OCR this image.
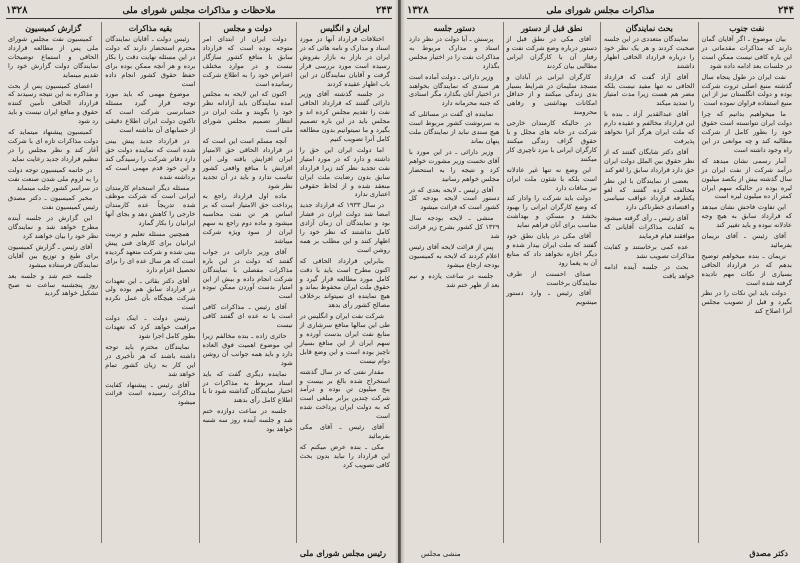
۲۴۳
ملاحظات و مذاکرات مجلس شورای ملی
۱۳۲۸
ایران و انگلیس

اختلافات قرارداد آنها در مورد اسناد و مدارک و نامه هائی که در ایران در بازار به بازار بفروش رسیده است مورد بررسی قرار گرفت و آقایان نمایندگان در این باب اظهار عقیده کردند

در جلسه گذشته آقای وزیر دارائی گفتند که قرارداد الحاقی نفت را تقدیم مجلس کرده اند و مجلس باید در این باره تصمیم بگیرد و ما نمیتوانیم بدون مطالعه کامل آنرا تصویب کنیم

اما دولت ایران این حق را داشته و دارد که در مورد امتیاز نفت تجدید نظر کند زیرا قرارداد سابق بدون رضایت ملت ایران منعقد شده و از لحاظ حقوقی اعتباری ندارد

در سال ۱۹۳۳ که قرارداد جدید امضا شد دولت ایران در فشار بود و نمایندگان آن زمان آزادی کامل نداشتند که نظر خود را اظهار کنند و این مطلب بر همه روشن است

بنابراین قرارداد الحاقی که اکنون مطرح است باید با دقت کامل مورد مطالعه قرار گیرد و حقوق ملت ایران محفوظ بماند و هیچ نماینده ای نمیتواند برخلاف مصالح کشور رأی بدهد

شرکت نفت ایران و انگلیس در طی این سالها منافع سرشاری از منابع نفت ایران بدست آورده و سهم ایران از این منافع بسیار ناچیز بوده است و این وضع قابل دوام نیست

مقدار نفتی که در سال گذشته استخراج شده بالغ بر بیست و پنج میلیون تن بوده و درآمد شرکت چندین برابر مبلغی است که به دولت ایران پرداخت شده است

آقای رئیس ـ آقای مکی بفرمائید

مکی ـ بنده عرض میکنم که این قرارداد را نباید بدون بحث کافی تصویب کرد

دولت و مجلس

دولت ایران از ابتدای امر متوجه بوده است که قرارداد سابق با منافع کشور سازگار نیست و در موارد مختلف اعتراض خود را به اطلاع شرکت رسانیده است

اکنون که این لایحه به مجلس آمده نمایندگان باید آزادانه نظر خود را بگویند و ملت ایران در انتظار تصمیم مجلس شورای ملی است

آنچه مسلم است این است که در قرارداد الحاقی حق الامتیاز ایران افزایش یافته ولی این افزایش با منافع واقعی کشور تناسب ندارد و باید در آن تجدید نظر شود

ماده اول قرارداد راجع به پرداخت حق الامتیاز است که بر اساس هر تن نفت محاسبه میشود و ماده دوم راجع به سهم ایران از سود ویژه شرکت میباشد

آقای وزیر دارائی در جواب گفتند که دولت در این باره مذاکرات مفصلی با نمایندگان شرکت انجام داده و بیش از این امتیاز بدست آوردن ممکن نبوده است

آقای رئیس ـ مذاکرات کافی است یا نه عده ای گفتند کافی نیست

حائری زاده ـ بنده مخالفم زیرا این موضوع اهمیت فوق العاده دارد و باید همه جوانب آن روشن شود

نماینده دیگری گفت که باید اسناد مربوط به مذاکرات در اختیار نمایندگان گذاشته شود تا با اطلاع کامل رأی بدهند

جلسه در ساعت دوازده ختم شد و جلسه آینده روز سه شنبه خواهد بود

بقیه مذاکرات

رئیس دولت ـ آقایان نمایندگان محترم استحضار دارند که دولت در این مسئله نهایت دقت را بکار برده و هر آنچه ممکن بوده برای حفظ حقوق کشور انجام داده است

موضوع مهمی که باید مورد توجه قرار گیرد مسئله حسابرسی شرکت است که تاکنون دولت ایران اطلاع دقیقی از حسابهای آن نداشته است

در قرارداد جدید پیش بینی شده است که نماینده دولت حق دارد دفاتر شرکت را رسیدگی کند و این خود قدم مهمی است که برداشته شده

مسئله دیگر استخدام کارمندان ایرانی است که شرکت موظف شده تدریجاً عده کارمندان خارجی را کاهش دهد و بجای آنها ایرانیان را بکار گمارد

همچنین مسئله تعلیم و تربیت ایرانیان برای کارهای فنی پیش بینی شده و شرکت متعهد گردیده است که هر سال عده ای را برای تحصیل اعزام دارد

آقای دکتر بقائی ـ این تعهدات در قرارداد سابق هم بوده ولی شرکت هیچگاه بآن عمل نکرده است

رئیس دولت ـ اینک دولت مراقبت خواهد کرد که تعهدات بطور کامل اجرا شود

نمایندگان محترم باید توجه داشته باشند که هر تأخیری در این کار به زیان کشور تمام خواهد شد

آقای رئیس ـ پیشنهاد کفایت مذاکرات رسیده است قرائت میشود

گزارش کمیسیون

کمیسیون نفت مجلس شورای ملی پس از مطالعه قرارداد الحاقی و استماع توضیحات نمایندگان دولت گزارش خود را تقدیم مینماید

اعضای کمیسیون پس از بحث و مذاکره به این نتیجه رسیدند که قرارداد الحاقی تأمین کننده حقوق و منافع ایران نیست و باید رد شود

کمیسیون پیشنهاد مینماید که دولت مذاکرات تازه ای با شرکت آغاز کند و نظر مجلس را در تنظیم قرارداد جدید رعایت نماید

در خاتمه کمیسیون توجه دولت را به لزوم ملی شدن صنعت نفت در سراسر کشور جلب مینماید

مخبر کمیسیون ـ دکتر مصدق رئیس کمیسیون نفت

این گزارش در جلسه آینده مطرح خواهد شد و نمایندگان نظر خود را بیان خواهند کرد

آقای رئیس ـ گزارش کمیسیون برای طبع و توزیع بین آقایان نمایندگان فرستاده میشود

جلسه ختم شد و جلسه بعد روز پنجشنبه ساعت نه صبح تشکیل خواهد گردید

رئیس مجلس شورای ملی
۲۴۴
مذاکرات مجلس شورای ملی
۱۳۲۸
نفت جنوب

بیان موضوع ـ اگر آقایان گمان دارند که مذاکرات مقدماتی در این باره کافی نیست ممکن است در جلسات بعد ادامه داده شود

نفت ایران در طول پنجاه سال گذشته منبع اصلی ثروت شرکت بوده و دولت انگلستان نیز از این منبع استفاده فراوان نموده است

ما میخواهیم بدانیم که چرا دولت ایران نتوانسته است حقوق خود را بطور کامل از شرکت مطالبه کند و چه موانعی در این راه وجود داشته است

آمار رسمی نشان میدهد که درآمد شرکت از نفت ایران در سال گذشته بیش از یکصد میلیون لیره بوده در حالیکه سهم ایران کمتر از ده میلیون لیره است

این تفاوت فاحش نشان میدهد که قرارداد سابق به هیچ وجه عادلانه نبوده و باید تغییر کند

آقای رئیس ـ آقای نریمان بفرمائید

نریمان ـ بنده میخواهم توضیح بدهم که در قرارداد الحاقی بسیاری از نکات مهم نادیده گرفته شده است

دولت باید این نکات را در نظر بگیرد و قبل از تصویب مجلس آنرا اصلاح کند

بحث نمایندگان

نمایندگان متعددی در این جلسه صحبت کردند و هر یک نظر خود را درباره قرارداد الحاقی اظهار داشتند

آقای آزاد گفت که قرارداد الحاقی نه تنها مفید نیست بلکه مضر هم هست زیرا مدت امتیاز را تمدید میکند

آقای عبدالقدیر آزاد ـ بنده با این قرارداد مخالفم و عقیده دارم که ملت ایران هرگز آنرا نخواهد پذیرفت

آقای دکتر شایگان گفتند که از نظر حقوق بین الملل دولت ایران حق دارد قرارداد سابق را لغو کند

بعضی از نمایندگان با این نظر مخالفت کرده گفتند که لغو یکطرفه قرارداد عواقب سیاسی و اقتصادی خطرناکی دارد

آقای رئیس ـ رأی گرفته میشود به کفایت مذاکرات آقایانی که موافقند قیام فرمایند

عده کمی برخاستند و کفایت مذاکرات تصویب نشد

بحث در جلسه آینده ادامه خواهد یافت

نطق قبل از دستور

آقای مکی در نطق قبل از دستور درباره وضع شرکت نفت و رفتار آن با کارگران ایرانی مطالبی بیان کردند

کارگران ایرانی در آبادان و مسجد سلیمان در شرایط بسیار بدی زندگی میکنند و از حداقل امکانات بهداشتی و رفاهی محرومند

در حالیکه کارمندان خارجی شرکت در خانه های مجلل و با حقوق گزاف زندگی میکنند کارگران ایرانی با مزد ناچیزی کار میکنند

این وضع نه تنها غیر عادلانه است بلکه با شئون ملت ایران نیز منافات دارد

دولت باید شرکت را وادار کند که وضع کارگران ایرانی را بهبود بخشد و مسکن و بهداشت مناسب برای آنان فراهم نماید

آقای مکی در پایان نطق خود گفتند که ملت ایران بیدار شده و دیگر اجازه نخواهد داد که منابع آن به یغما رود

صدای احسنت از طرف نمایندگان برخاست

آقای رئیس ـ وارد دستور میشویم

دستور جلسه

پرسش ـ آیا دولت در نظر دارد اسناد و مدارک مربوط به مذاکرات نفت را در اختیار مجلس بگذارد

وزیر دارائی ـ دولت آماده است هر سندی که نمایندگان بخواهند در اختیار آنان بگذارد مگر اسنادی که جنبه محرمانه دارد

نماینده ای گفت در مسائلی که به سرنوشت کشور مربوط است هیچ سندی نباید از نمایندگان ملت پنهان بماند

وزیر دارائی ـ در این مورد با آقای نخست وزیر مشورت خواهم کرد و نتیجه را به استحضار مجلس خواهم رسانید

آقای رئیس ـ لایحه بعدی که در دستور است لایحه بودجه کل کشور است که قرائت میشود

منشی ـ لایحه بودجه سال ۱۳۲۹ کل کشور بشرح زیر قرائت شد

پس از قرائت لایحه آقای رئیس اعلام کردند که لایحه به کمیسیون بودجه ارجاع میشود

جلسه در ساعت یازده و نیم بعد از ظهر ختم شد

دکتر مصدق
منشی مجلس
